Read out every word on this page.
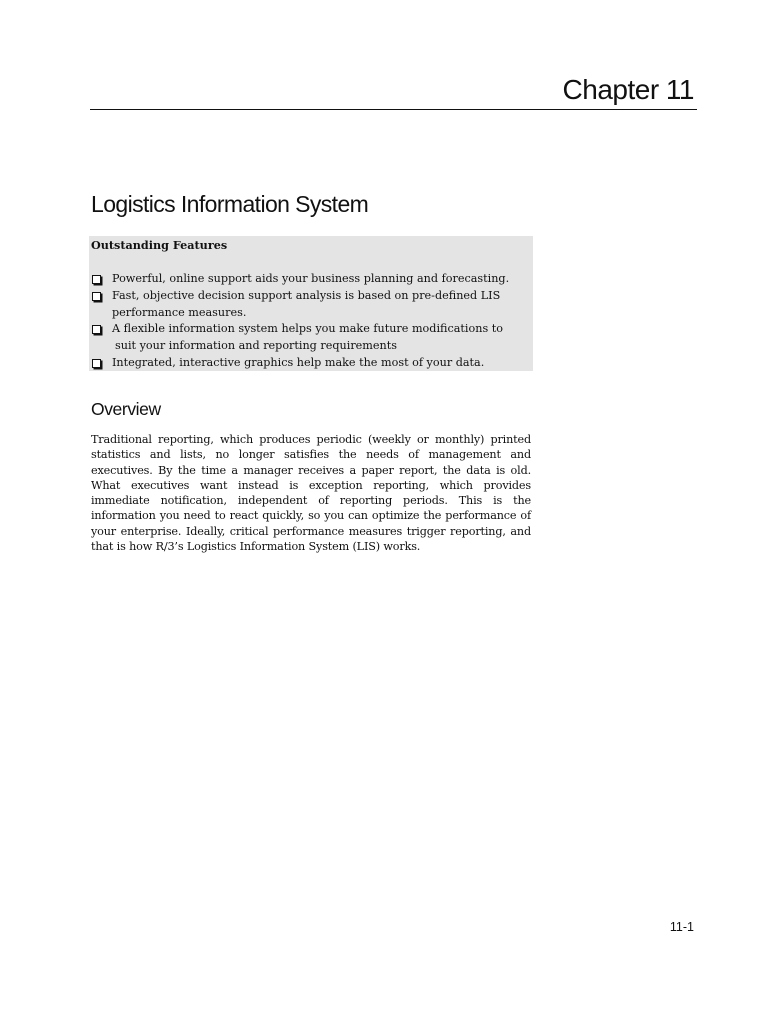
Chapter 11
Logistics Information System
Outstanding Features
Powerful, online support aids your business planning and forecasting.
Fast, objective decision support analysis is based on pre-defined LIS
performance measures.
A flexible information system helps you make future modifications to
suit your information and reporting requirements
Integrated, interactive graphics help make the most of your data.
Overview

Traditional reporting, which produces periodic (weekly or monthly) printed statistics and lists, no longer satisfies the needs of management and executives. By the time a manager receives a paper report, the data is old. What executives want instead is exception reporting, which provides immediate notification, independent of reporting periods. This is the information you need to react quickly, so you can optimize the performance of your enterprise. Ideally, critical performance measures trigger reporting, and that is how R/3’s Logistics Information System (LIS) works.

11-1
